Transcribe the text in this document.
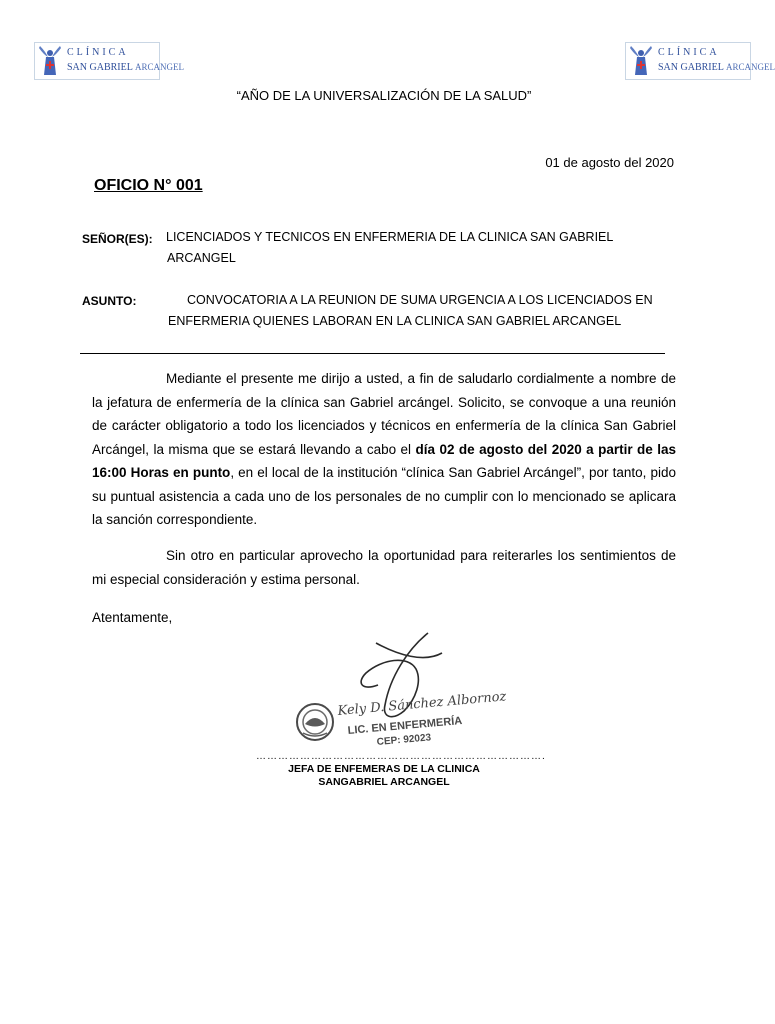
CLÍNICA
SAN GABRIEL ARCANGEL
CLÍNICA
SAN GABRIEL ARCANGEL
“AÑO DE LA UNIVERSALIZACIÓN DE LA SALUD”
01 de agosto del 2020
OFICIO N° 001
SEÑOR(ES): LICENCIADOS Y TECNICOS EN ENFERMERIA DE LA CLINICA SAN GABRIEL
ARCANGEL
ASUNTO:	CONVOCATORIA A LA REUNION DE SUMA URGENCIA A LOS LICENCIADOS EN
ENFERMERIA QUIENES LABORAN EN LA CLINICA SAN GABRIEL ARCANGEL
Mediante el presente me dirijo a usted, a fin de saludarlo cordialmente a nombre de la jefatura de enfermería de la clínica san Gabriel arcángel. Solicito, se convoque a una reunión de carácter obligatorio a todo los licenciados y técnicos en enfermería de la clínica San Gabriel Arcángel, la misma que se estará llevando a cabo el día 02 de agosto del 2020 a partir de las 16:00 Horas en punto, en el local de la institución “clínica San Gabriel Arcángel”, por tanto, pido su puntual asistencia a cada uno de los personales de no cumplir con lo mencionado se aplicara la sanción correspondiente.
Sin otro en particular aprovecho la oportunidad para reiterarles los sentimientos de mi especial consideración y estima personal.
Atentamente,
Kely D. Sánchez Albornoz
LIC. EN ENFERMERÍA
CEP: 92023
…………………………………………………………………….
JEFA DE ENFEMERAS DE LA CLINICA
SANGABRIEL ARCANGEL
